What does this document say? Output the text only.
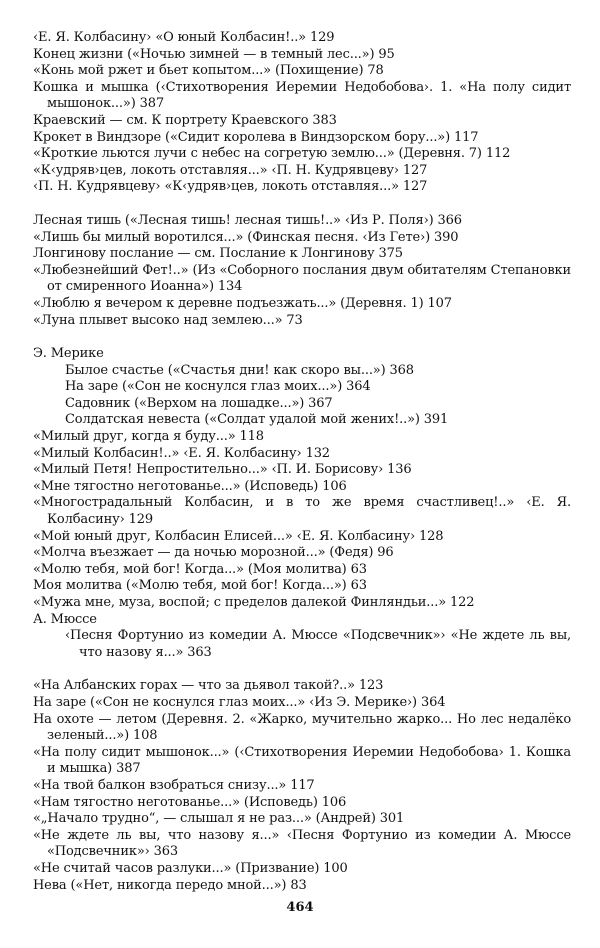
‹Е. Я. Колбасину› «О юный Колбасин!..» 129
Конец жизни («Ночью зимней — в темный лес...») 95
«Конь мой ржет и бьет копытом...» (Похищение) 78
Кошка и мышка (‹Стихотворения Иеремии Недобобова›. 1. «На полу сидит мышонок...») 387
Краевский — см. К портрету Краевского 383
Крокет в Виндзоре («Сидит королева в Виндзорском бору...») 117
«Кроткие льются лучи с небес на согретую землю...» (Деревня. 7) 112
«К‹удряв›цев, локоть отставляя...» ‹П. Н. Кудрявцеву› 127
‹П. Н. Кудрявцеву› «К‹удряв›цев, локоть отставляя...» 127
Лесная тишь («Лесная тишь! лесная тишь!..» ‹Из Р. Поля›) 366
«Лишь бы милый воротился...» (Финская песня. ‹Из Гете›) 390
Лонгинову послание — см. Послание к Лонгинову 375
«Любезнейший Фет!..» (Из «Соборного послания двум обитателям Степановки от смиренного Иоанна») 134
«Люблю я вечером к деревне подъезжать...» (Деревня. 1) 107
«Луна плывет высоко над землею...» 73
Э. Мерике
Былое счастье («Счастья дни! как скоро вы...») 368
На заре («Сон не коснулся глаз моих...») 364
Садовник («Верхом на лошадке...») 367
Солдатская невеста («Солдат удалой мой жених!..») 391
«Милый друг, когда я буду...» 118
«Милый Колбасин!..» ‹Е. Я. Колбасину› 132
«Милый Петя! Непростительно...» ‹П. И. Борисову› 136
«Мне тягостно неготованье...» (Исповедь) 106
«Многострадальный Колбасин, и в то же время счастливец!..» ‹Е. Я. Колбасину› 129
«Мой юный друг, Колбасин Елисей...» ‹Е. Я. Колбасину› 128
«Молча въезжает — да ночью морозной...» (Федя) 96
«Молю тебя, мой бог! Когда...» (Моя молитва) 63
Моя молитва («Молю тебя, мой бог! Когда...») 63
«Мужа мне, муза, воспой; с пределов далекой Финляндьи...» 122
А. Мюссе
‹Песня Фортунио из комедии А. Мюссе «Подсвечник»› «Не ждете ль вы, что назову я...» 363
«На Албанских горах — что за дьявол такой?..» 123
На заре («Сон не коснулся глаз моих...» ‹Из Э. Мерике›) 364
На охоте — летом (Деревня. 2. «Жарко, мучительно жарко... Но лес недалёко зеленый...») 108
«На полу сидит мышонок...» (‹Стихотворения Иеремии Недобобова› 1. Кошка и мышка) 387
«На твой балкон взобраться снизу...» 117
«Нам тягостно неготованье...» (Исповедь) 106
«„Начало трудно“, — слышал я не раз...» (Андрей) 301
«Не ждете ль вы, что назову я...» ‹Песня Фортунио из комедии А. Мюссе «Подсвечник»› 363
«Не считай часов разлуки...» (Призвание) 100
Нева («Нет, никогда передо мной...») 83
464
